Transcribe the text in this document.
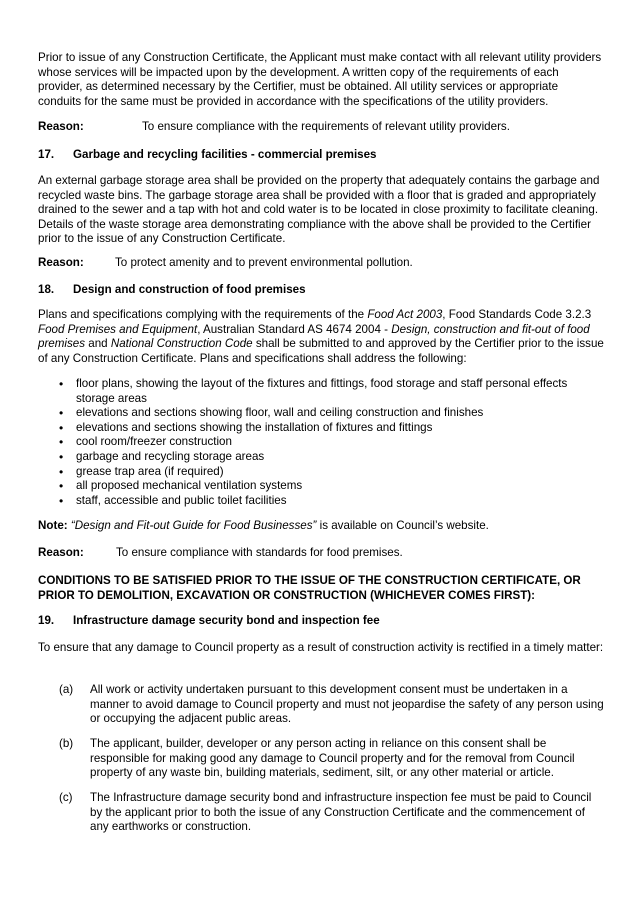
Prior to issue of any Construction Certificate, the Applicant must make contact with all relevant utility providers whose services will be impacted upon by the development. A written copy of the requirements of each provider, as determined necessary by the Certifier, must be obtained. All utility services or appropriate conduits for the same must be provided in accordance with the specifications of the utility providers.

Reason:	To ensure compliance with the requirements of relevant utility providers.
17.	Garbage and recycling facilities - commercial premises

An external garbage storage area shall be provided on the property that adequately contains the garbage and recycled waste bins. The garbage storage area shall be provided with a floor that is graded and appropriately drained to the sewer and a tap with hot and cold water is to be located in close proximity to facilitate cleaning. Details of the waste storage area demonstrating compliance with the above shall be provided to the Certifier prior to the issue of any Construction Certificate.

Reason:	To protect amenity and to prevent environmental pollution.
18.	Design and construction of food premises

Plans and specifications complying with the requirements of the Food Act 2003, Food Standards Code 3.2.3 Food Premises and Equipment, Australian Standard AS 4674 2004 - Design, construction and fit-out of food premises and National Construction Code shall be submitted to and approved by the Certifier prior to the issue of any Construction Certificate. Plans and specifications shall address the following:

• floor plans, showing the layout of the fixtures and fittings, food storage and staff personal effects storage areas
• elevations and sections showing floor, wall and ceiling construction and finishes
• elevations and sections showing the installation of fixtures and fittings
• cool room/freezer construction
• garbage and recycling storage areas
• grease trap area (if required)
• all proposed mechanical ventilation systems
• staff, accessible and public toilet facilities

Note: “Design and Fit-out Guide for Food Businesses” is available on Council’s website.

Reason:	To ensure compliance with standards for food premises.

CONDITIONS TO BE SATISFIED PRIOR TO THE ISSUE OF THE CONSTRUCTION CERTIFICATE, OR PRIOR TO DEMOLITION, EXCAVATION OR CONSTRUCTION (WHICHEVER COMES FIRST):

19.	Infrastructure damage security bond and inspection fee

To ensure that any damage to Council property as a result of construction activity is rectified in a timely matter:

(a)	All work or activity undertaken pursuant to this development consent must be undertaken in a manner to avoid damage to Council property and must not jeopardise the safety of any person using or occupying the adjacent public areas.
(b)	The applicant, builder, developer or any person acting in reliance on this consent shall be responsible for making good any damage to Council property and for the removal from Council property of any waste bin, building materials, sediment, silt, or any other material or article.
(c)	The Infrastructure damage security bond and infrastructure inspection fee must be paid to Council by the applicant prior to both the issue of any Construction Certificate and the commencement of any earthworks or construction.
